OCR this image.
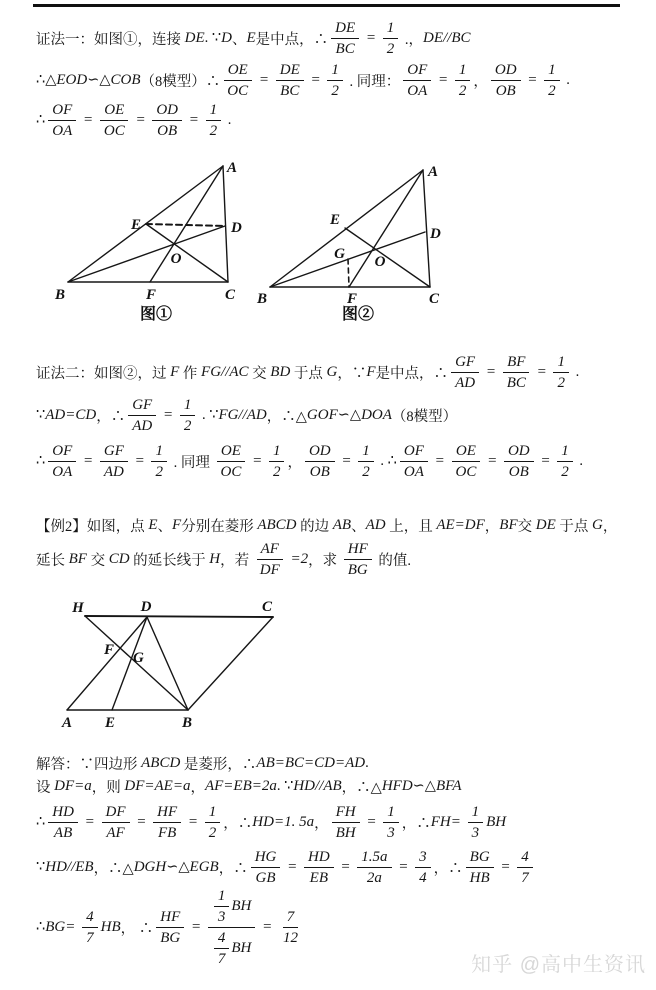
证法一：如图①，连接 DE . ∵ D 、 E 是中点，∴ $\frac{DE}{BC} = \frac{1}{2}$ .， DE//BC
∴△ EOD ∽△ COB （8模型）∴ $\frac{OE}{OC} = \frac{DE}{BC} = \frac{1}{2}$ . 同理： $\frac{OF}{OA} = \frac{1}{2}$ ， $\frac{OD}{OB} = \frac{1}{2}$ .
∴ $\frac{OF}{OA} = \frac{OE}{OC} = \frac{OD}{OB} = \frac{1}{2}$ .
A
B	C
D
E
F
O
图①
A
B	C
D
E
F
O
G
图②
证法二：如图②，过 F 作 FG//AC 交 BD 于点 G ，∵ F 是中点，∴ $\frac{GF}{AD} = \frac{BF}{BC} = \frac{1}{2}$ .
∵ AD=CD ，∴ $\frac{GF}{AD} = \frac{1}{2}$ . ∵ FG//AD ，∴△ GOF ∽△ DOA （8模型）
∴ $\frac{OF}{OA} = \frac{GF}{AD} = \frac{1}{2}$ . 同理 $\frac{OE}{OC} = \frac{1}{2}$ ， $\frac{OD}{OB} = \frac{1}{2}$ . ∴ $\frac{OF}{OA} = \frac{OE}{OC} = \frac{OD}{OB} = \frac{1}{2}$ .
【例2】如图，点 E 、 F 分别在菱形 ABCD 的边 AB 、 AD 上，且 AE=DF ， BF 交 DE 于点 G ，
延长 BF 交 CD 的延长线于 H ，若 $\frac{AF}{DF} =2$ ，求 $\frac{HF}{BG}$ 的值.
H	D	C
A E	B
F G
解答：∵四边形 ABCD 是菱形，∴ AB=BC=CD=AD .
设 DF=a ，则 DF=AE=a ， AF=EB=2a . ∵ HD//AB ，∴△ HFD ∽△ BFA
∴ $\frac{HD}{AB} = \frac{DF}{AF} = \frac{HF}{FB} = \frac{1}{2}$ ，∴ HD=1. 5a ， $\frac{FH}{BH} = \frac{1}{3}$ ，∴ $FH= \frac{1}{3}$ BH
∵ HD//EB ，∴△ DGH ∽△ EGB ，∴ $\frac{HG}{GB} = \frac{HD}{EB} = \frac{1.5a}{2a} = \frac{3}{4}$ ，∴ $\frac{BG}{HB} = \frac{4}{7}$
∴ $BG= \frac{4}{7}$ HB ， ∴ $\frac{HF}{BG} = \frac{\frac{1}{3} BH}{\frac{4}{7} BH} = \frac{7}{12}$
知乎 @高中生资讯
